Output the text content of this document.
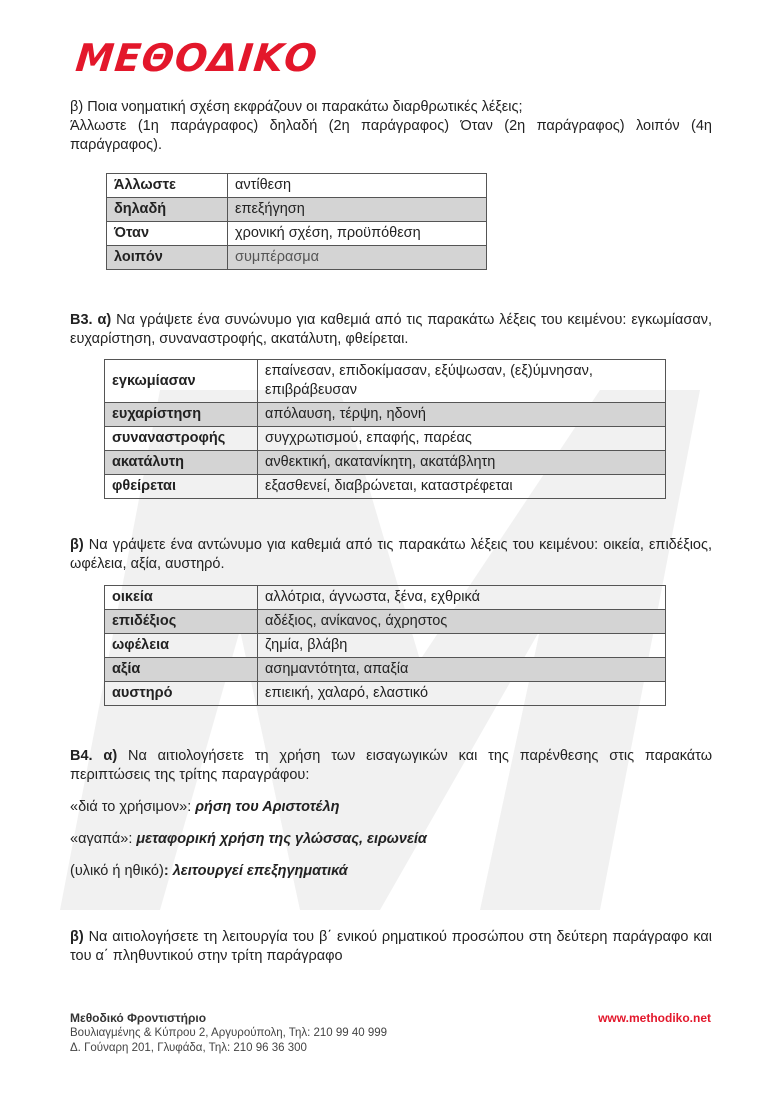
ΜΕΘΟΔΙΚΟ

β) Ποια νοηματική σχέση εκφράζουν οι παρακάτω διαρθρωτικές λέξεις;
Άλλωστε (1η παράγραφος) δηλαδή (2η παράγραφος) Όταν (2η παράγραφος) λοιπόν (4η παράγραφος).

Άλλωστε	αντίθεση
δηλαδή	επεξήγηση
Όταν	χρονική σχέση, προϋπόθεση
λοιπόν	συμπέρασμα

Β3. α) Να γράψετε ένα συνώνυμο για καθεμιά από τις παρακάτω λέξεις του κειμένου: εγκωμίασαν, ευχαρίστηση, συναναστροφής, ακατάλυτη, φθείρεται.

εγκωμίασαν	επαίνεσαν, επιδοκίμασαν, εξύψωσαν, (εξ)ύμνησαν, επιβράβευσαν
ευχαρίστηση	απόλαυση, τέρψη, ηδονή
συναναστροφής	συγχρωτισμού, επαφής, παρέας
ακατάλυτη	ανθεκτική, ακατανίκητη, ακατάβλητη
φθείρεται	εξασθενεί, διαβρώνεται, καταστρέφεται

β) Να γράψετε ένα αντώνυμο για καθεμιά από τις παρακάτω λέξεις του κειμένου: οικεία, επιδέξιος, ωφέλεια, αξία, αυστηρό.

οικεία	αλλότρια, άγνωστα, ξένα, εχθρικά
επιδέξιος	αδέξιος, ανίκανος, άχρηστος
ωφέλεια	ζημία, βλάβη
αξία	ασημαντότητα, απαξία
αυστηρό	επιεική, χαλαρό, ελαστικό

Β4. α) Να αιτιολογήσετε τη χρήση των εισαγωγικών και της παρένθεσης στις παρακάτω περιπτώσεις της τρίτης παραγράφου:

«διά το χρήσιμον»: ρήση του Αριστοτέλη
«αγαπά»: μεταφορική χρήση της γλώσσας, ειρωνεία
(υλικό ή ηθικό): λειτουργεί επεξηγηματικά

β) Να αιτιολογήσετε τη λειτουργία του β΄ ενικού ρηματικού προσώπου στη δεύτερη παράγραφο και του α΄ πληθυντικού στην τρίτη παράγραφο

Μεθοδικό Φροντιστήριο
Βουλιαγμένης & Κύπρου 2, Αργυρούπολη, Τηλ: 210 99 40 999
Δ. Γούναρη 201, Γλυφάδα, Τηλ: 210 96 36 300
www.methodiko.net
